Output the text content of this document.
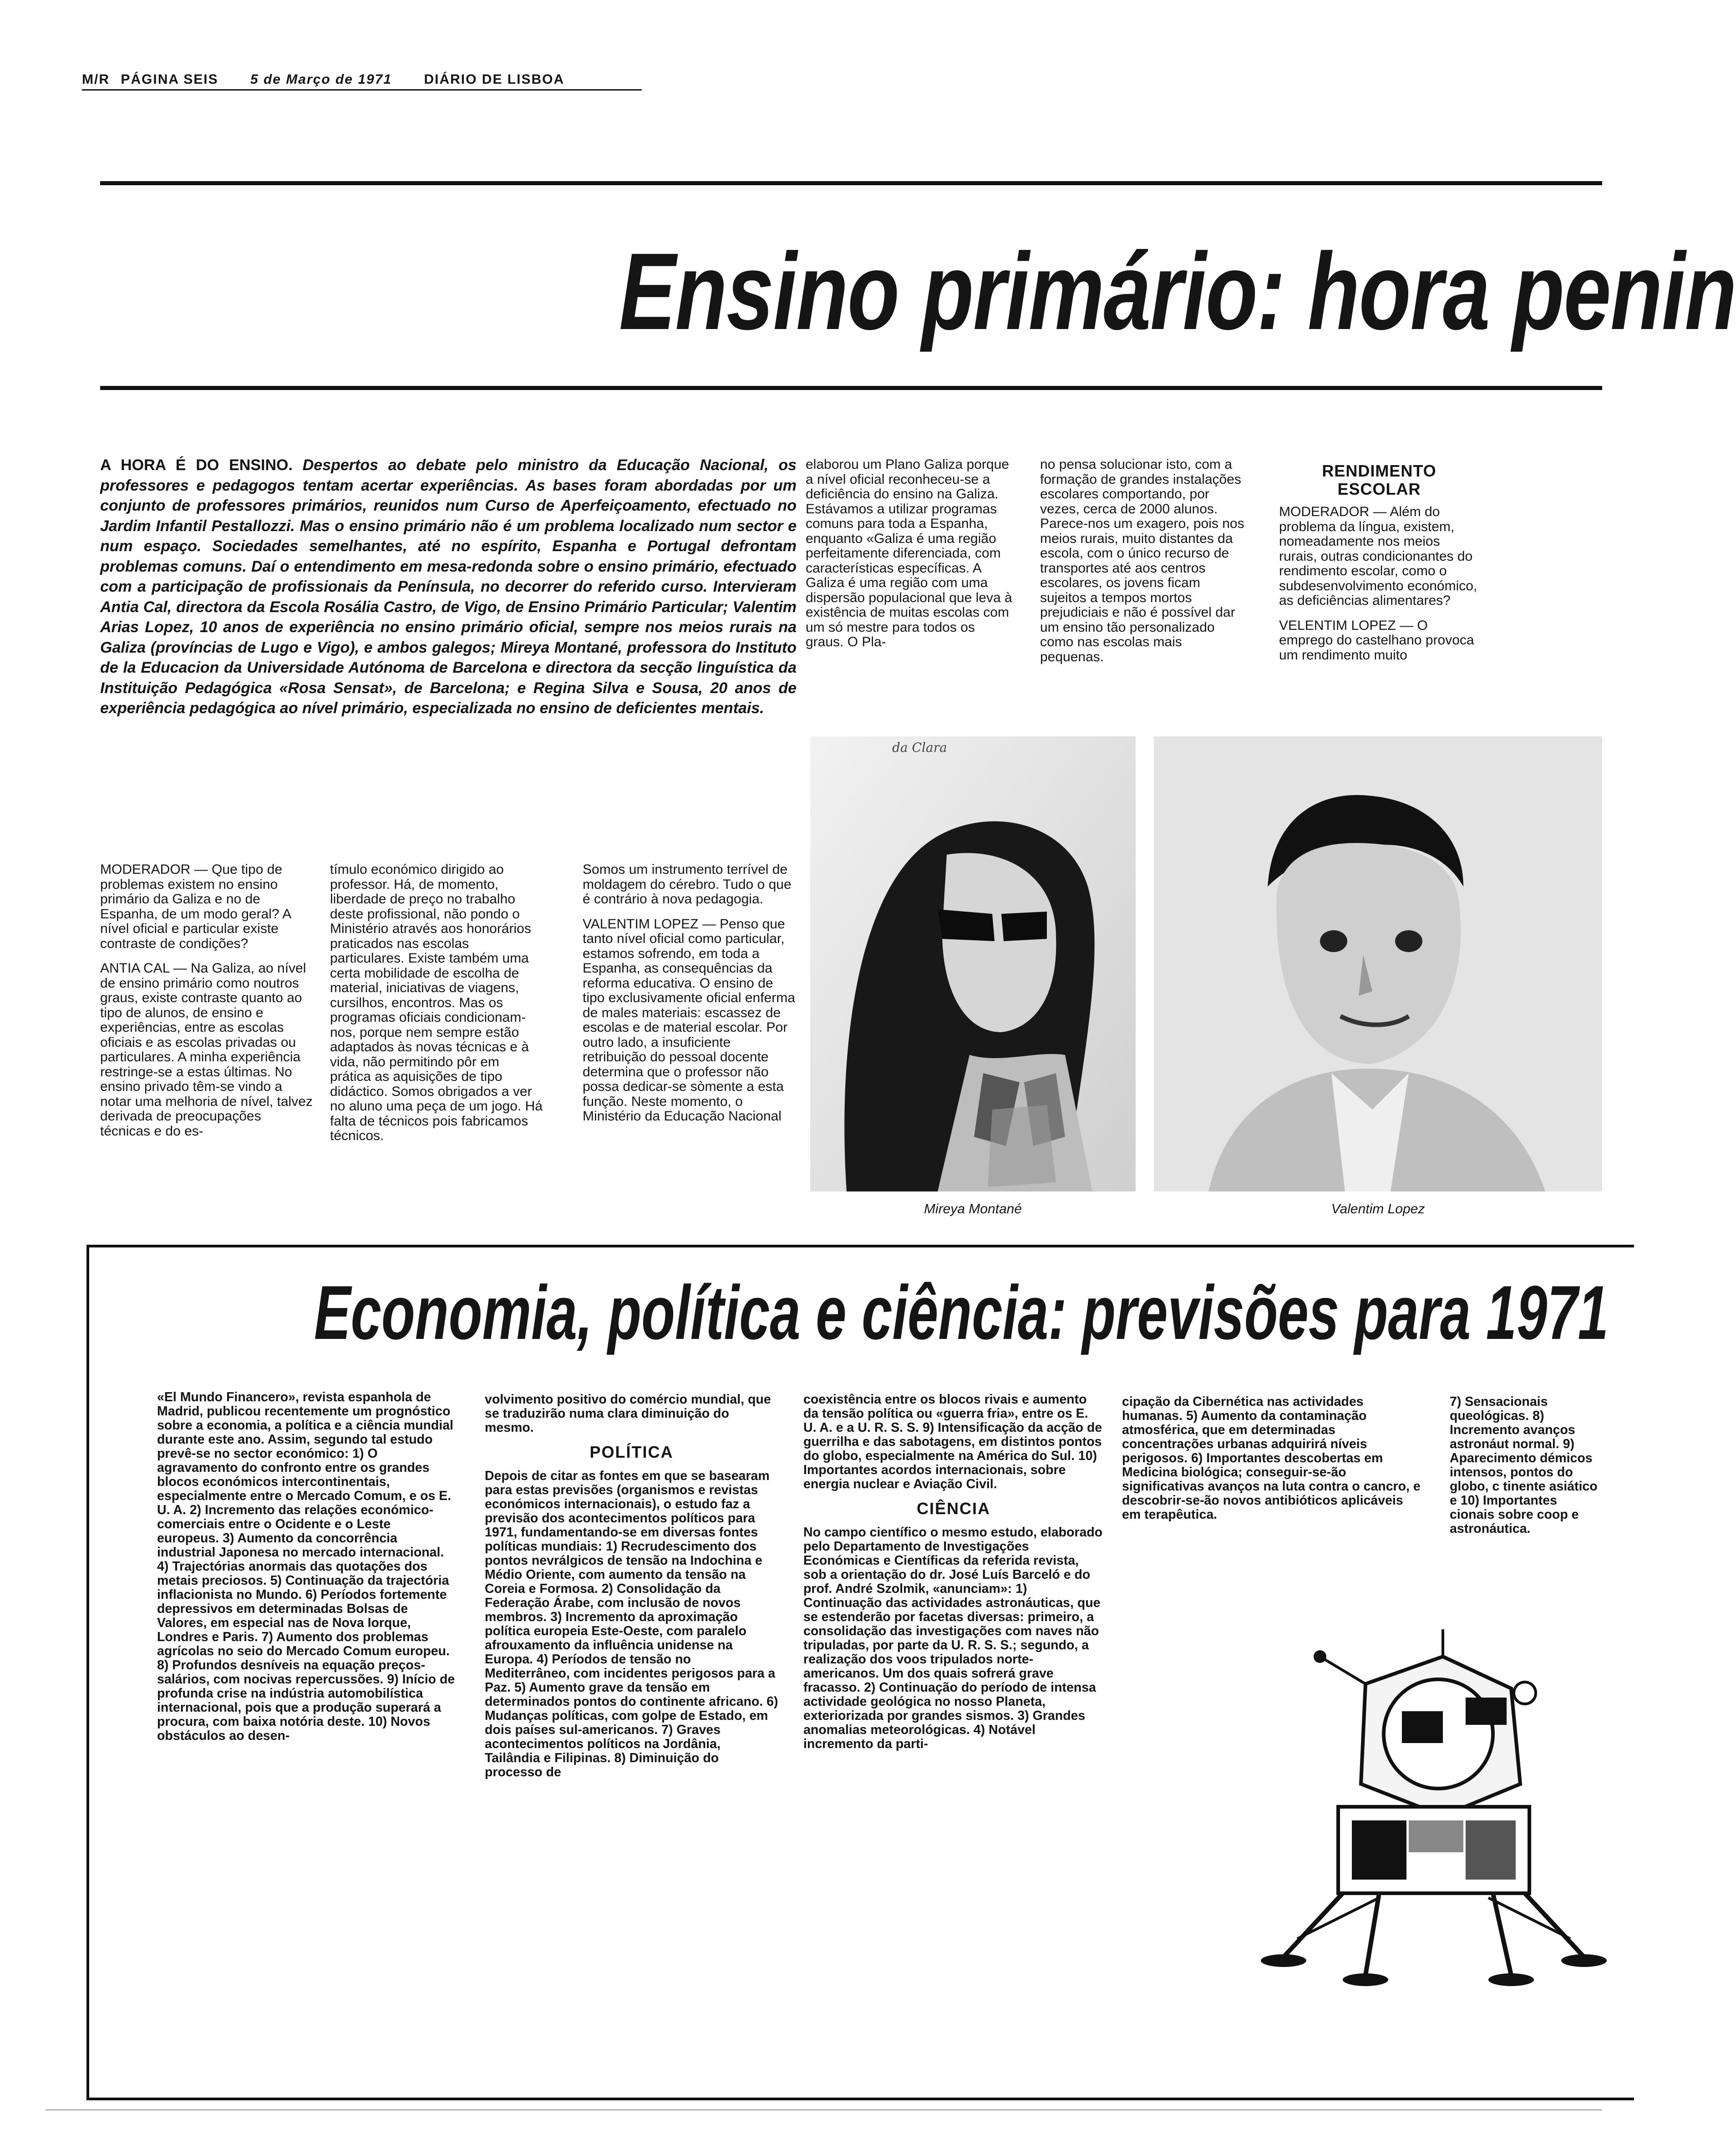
M/R PÁGINA SEIS 5 de Março de 1971 DIÁRIO DE LISBOA
Ensino primário: hora penin
A HORA É DO ENSINO. Despertos ao debate pelo ministro da Educação Nacional, os professores e pedagogos tentam acertar experiências. As bases foram abordadas por um conjunto de professores primários, reunidos num Curso de Aperfeiçoamento, efectuado no Jardim Infantil Pestallozzi. Mas o ensino primário não é um problema localizado num sector e num espaço. Sociedades semelhantes, até no espírito, Espanha e Portugal defrontam problemas comuns. Daí o entendimento em mesa-redonda sobre o ensino primário, efectuado com a participação de profissionais da Península, no decorrer do referido curso. Intervieram Antia Cal, directora da Escola Rosália Castro, de Vigo, de Ensino Primário Particular; Valentim Arias Lopez, 10 anos de experiência no ensino primário oficial, sempre nos meios rurais na Galiza (províncias de Lugo e Vigo), e ambos galegos; Mireya Montané, professora do Instituto de la Educacion da Universidade Autónoma de Barcelona e directora da secção linguística da Instituição Pedagógica «Rosa Sensat», de Barcelona; e Regina Silva e Sousa, 20 anos de experiência pedagógica ao nível primário, especializada no ensino de deficientes mentais.

MODERADOR — Que tipo de problemas existem no ensino primário da Galiza e no de Espanha, de um modo geral? A nível oficial e particular existe contraste de condições?

ANTIA CAL — Na Galiza, ao nível de ensino primário como noutros graus, existe contraste quanto ao tipo de alunos, de ensino e experiências, entre as escolas oficiais e as escolas privadas ou particulares. A minha experiência restringe-se a estas últimas. No ensino privado têm-se vindo a notar uma melhoria de nível, talvez derivada de preocupações técnicas e do es-

tímulo económico dirigido ao professor. Há, de momento, liberdade de preço no trabalho deste profissional, não pondo o Ministério através aos honorários praticados nas escolas particulares. Existe também uma certa mobilidade de escolha de material, iniciativas de viagens, cursilhos, encontros. Mas os programas oficiais condicionam-nos, porque nem sempre estão adaptados às novas técnicas e à vida, não permitindo pôr em prática as aquisições de tipo didáctico. Somos obrigados a ver no aluno uma peça de um jogo. Há falta de técnicos pois fabricamos técnicos.

Somos um instrumento terrível de moldagem do cérebro. Tudo o que é contrário à nova pedagogia.

VALENTIM LOPEZ — Penso que tanto nível oficial como particular, estamos sofrendo, em toda a Espanha, as consequências da reforma educativa. O ensino de tipo exclusivamente oficial enferma de males materiais: escassez de escolas e de material escolar. Por outro lado, a insuficiente retribuição do pessoal docente determina que o professor não possa dedicar-se sòmente a esta função. Neste momento, o Ministério da Educação Nacional

elaborou um Plano Galiza porque a nível oficial reconheceu-se a deficiência do ensino na Galiza. Estávamos a utilizar programas comuns para toda a Espanha, enquanto «Galiza é uma região perfeitamente diferenciada, com características específicas. A Galiza é uma região com uma dispersão populacional que leva à existência de muitas escolas com um só mestre para todos os graus. O Pla-

no pensa solucionar isto, com a formação de grandes instalações escolares comportando, por vezes, cerca de 2000 alunos. Parece-nos um exagero, pois nos meios rurais, muito distantes da escola, com o único recurso de transportes até aos centros escolares, os jovens ficam sujeitos a tempos mortos prejudiciais e não é possível dar um ensino tão personalizado como nas escolas mais pequenas.

RENDIMENTO ESCOLAR

MODERADOR — Além do problema da língua, existem, nomeadamente nos meios rurais, outras condicionantes do rendimento escolar, como o subdesenvolvimento económico, as deficiências alimentares?

VELENTIM LOPEZ — O emprego do castelhano provoca um rendimento muito

da Clara
Mireya Montané	Valentim Lopez
Economia, política e ciência: previsões para 1971

«El Mundo Financero», revista espanhola de Madrid, publicou recentemente um prognóstico sobre a economia, a política e a ciência mundial durante este ano. Assim, segundo tal estudo prevê-se no sector económico: 1) O agravamento do confronto entre os grandes blocos económicos intercontinentais, especialmente entre o Mercado Comum, e os E. U. A. 2) Incremento das relações económico-comerciais entre o Ocidente e o Leste europeus. 3) Aumento da concorrência industrial Japonesa no mercado internacional. 4) Trajectórias anormais das quotações dos metais preciosos. 5) Continuação da trajectória inflacionista no Mundo. 6) Períodos fortemente depressivos em determinadas Bolsas de Valores, em especial nas de Nova Iorque, Londres e Paris. 7) Aumento dos problemas agrícolas no seio do Mercado Comum europeu. 8) Profundos desníveis na equação preços-salários, com nocivas repercussões. 9) Início de profunda crise na indústria automobilística internacional, pois que a produção superará a procura, com baixa notória deste. 10) Novos obstáculos ao desen-

volvimento positivo do comércio mundial, que se traduzirão numa clara diminuição do mesmo.

POLÍTICA

Depois de citar as fontes em que se basearam para estas previsões (organismos e revistas económicos internacionais), o estudo faz a previsão dos acontecimentos políticos para 1971, fundamentando-se em diversas fontes políticas mundiais: 1) Recrudescimento dos pontos nevrálgicos de tensão na Indochina e Médio Oriente, com aumento da tensão na Coreia e Formosa. 2) Consolidação da Federação Árabe, com inclusão de novos membros. 3) Incremento da aproximação política europeia Este-Oeste, com paralelo afrouxamento da influência unidense na Europa. 4) Períodos de tensão no Mediterrâneo, com incidentes perigosos para a Paz. 5) Aumento grave da tensão em determinados pontos do continente africano. 6) Mudanças políticas, com golpe de Estado, em dois países sul-americanos. 7) Graves acontecimentos políticos na Jordânia, Tailândia e Filipinas. 8) Diminuição do processo de

coexistência entre os blocos rivais e aumento da tensão política ou «guerra fria», entre os E. U. A. e a U. R. S. S. 9) Intensificação da acção de guerrilha e das sabotagens, em distintos pontos do globo, especialmente na América do Sul. 10) Importantes acordos internacionais, sobre energia nuclear e Aviação Civil.

CIÊNCIA

No campo científico o mesmo estudo, elaborado pelo Departamento de Investigações Económicas e Científicas da referida revista, sob a orientação do dr. José Luís Barceló e do prof. André Szolmik, «anunciam»: 1) Continuação das actividades astronáuticas, que se estenderão por facetas diversas: primeiro, a consolidação das investigações com naves não tripuladas, por parte da U. R. S. S.; segundo, a realização dos voos tripulados norte-americanos. Um dos quais sofrerá grave fracasso. 2) Continuação do período de intensa actividade geológica no nosso Planeta, exteriorizada por grandes sismos. 3) Grandes anomalias meteorológicas. 4) Notável incremento da parti-

cipação da Cibernética nas actividades humanas. 5) Aumento da contaminação atmosférica, que em determinadas concentrações urbanas adquirirá níveis perigosos. 6) Importantes descobertas em Medicina biológica; conseguir-se-ão significativas avanços na luta contra o cancro, e descobrir-se-ão novos antibióticos aplicáveis em terapêutica.

7) Sensacionais queológicas. 8) Incremento avanços astronáut normal. 9) Aparecimento démicos intensos, pontos do globo, c tinente asiático e 10) Importantes cionais sobre coop e astronáutica.
